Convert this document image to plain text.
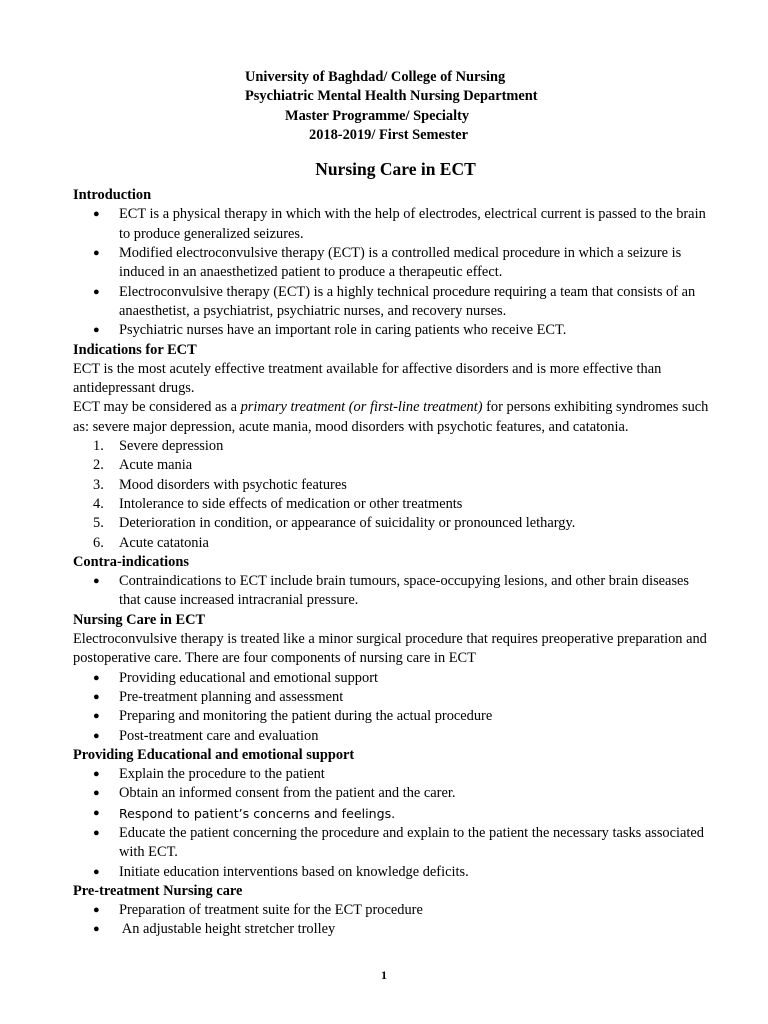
University of Baghdad/ College of Nursing

Psychiatric Mental Health Nursing Department

Master Programme/ Specialty

2018-2019/ First Semester

Nursing Care in ECT
Introduction
● ECT is a physical therapy in which with the help of electrodes, electrical current is passed to the brain to produce generalized seizures.
● Modified electroconvulsive therapy (ECT) is a controlled medical procedure in which a seizure is induced in an anaesthetized patient to produce a therapeutic effect.
● Electroconvulsive therapy (ECT) is a highly technical procedure requiring a team that consists of an anaesthetist, a psychiatrist, psychiatric nurses, and recovery nurses.
● Psychiatric nurses have an important role in caring patients who receive ECT.
Indications for ECT

ECT is the most acutely effective treatment available for affective disorders and is more effective than antidepressant drugs.

ECT may be considered as a primary treatment (or first-line treatment) for persons exhibiting syndromes such as: severe major depression, acute mania, mood disorders with psychotic features, and catatonia.

1. Severe depression
2. Acute mania
3. Mood disorders with psychotic features
4. Intolerance to side effects of medication or other treatments
5. Deterioration in condition, or appearance of suicidality or pronounced lethargy.
6. Acute catatonia
Contra-indications
● Contraindications to ECT include brain tumours, space-occupying lesions, and other brain diseases that cause increased intracranial pressure.
Nursing Care in ECT

Electroconvulsive therapy is treated like a minor surgical procedure that requires preoperative preparation and postoperative care. There are four components of nursing care in ECT

● Providing educational and emotional support
● Pre-treatment planning and assessment
● Preparing and monitoring the patient during the actual procedure
● Post-treatment care and evaluation
Providing Educational and emotional support
● Explain the procedure to the patient
● Obtain an informed consent from the patient and the carer.
● Respond to patient’s concerns and feelings.
● Educate the patient concerning the procedure and explain to the patient the necessary tasks associated with ECT.
● Initiate education interventions based on knowledge deficits.
Pre-treatment Nursing care
● Preparation of treatment suite for the ECT procedure
● An adjustable height stretcher trolley
1
